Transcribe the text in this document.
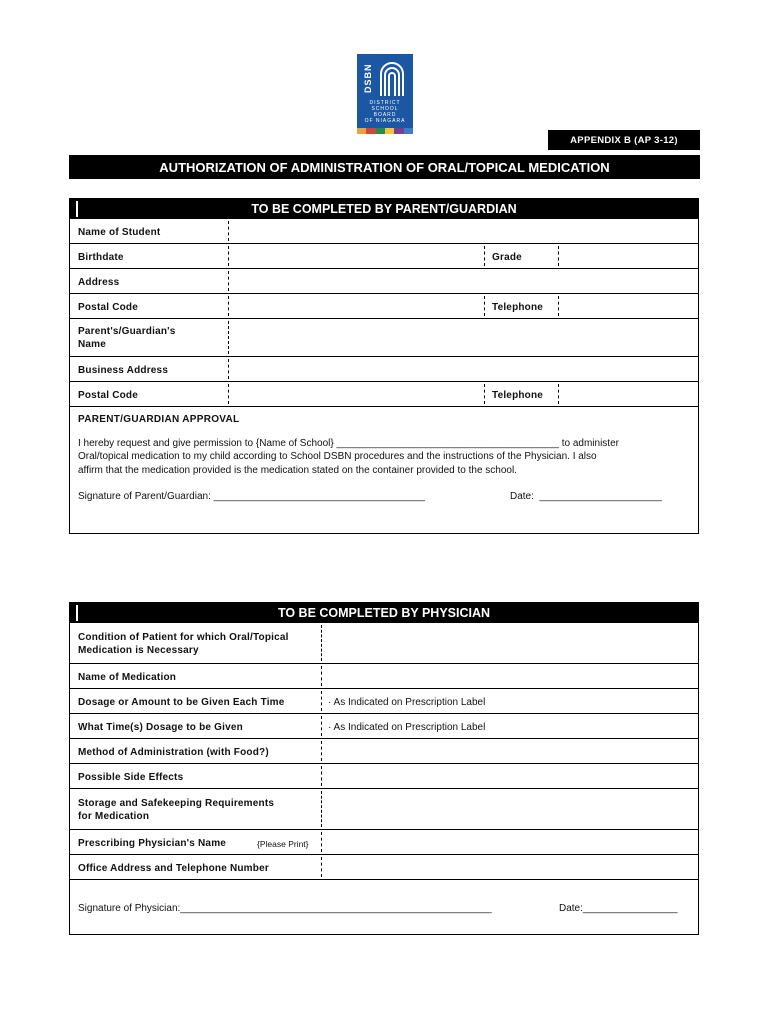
DSBN
DISTRICT
SCHOOL BOARD
OF NIAGARA
APPENDIX B (AP 3-12)
AUTHORIZATION OF ADMINISTRATION OF ORAL/TOPICAL MEDICATION
TO BE COMPLETED BY PARENT/GUARDIAN
Name of Student
Birthdate	Grade
Address
Postal Code	Telephone
Parent's/Guardian's
Name
Business Address
Postal Code	Telephone
PARENT/GUARDIAN APPROVAL

I hereby request and give permission to {Name of School} ________________________________________ to administer

Oral/topical medication to my child according to School DSBN procedures and the instructions of the Physician. I also

affirm that the medication provided is the medication stated on the container provided to the school.

Signature of Parent/Guardian: ______________________________________	Date:  ______________________
TO BE COMPLETED BY PHYSICIAN
Condition of Patient for which Oral/Topical
Medication is Necessary
Name of Medication
Dosage or Amount to be Given Each Time	· As Indicated on Prescription Label
What Time(s) Dosage to be Given	· As Indicated on Prescription Label
Method of Administration (with Food?)
Possible Side Effects
Storage and Safekeeping Requirements
for Medication
Prescribing Physician's Name	{Please Print}
Office Address and Telephone Number
Signature of Physician:________________________________________________________	Date:_________________
